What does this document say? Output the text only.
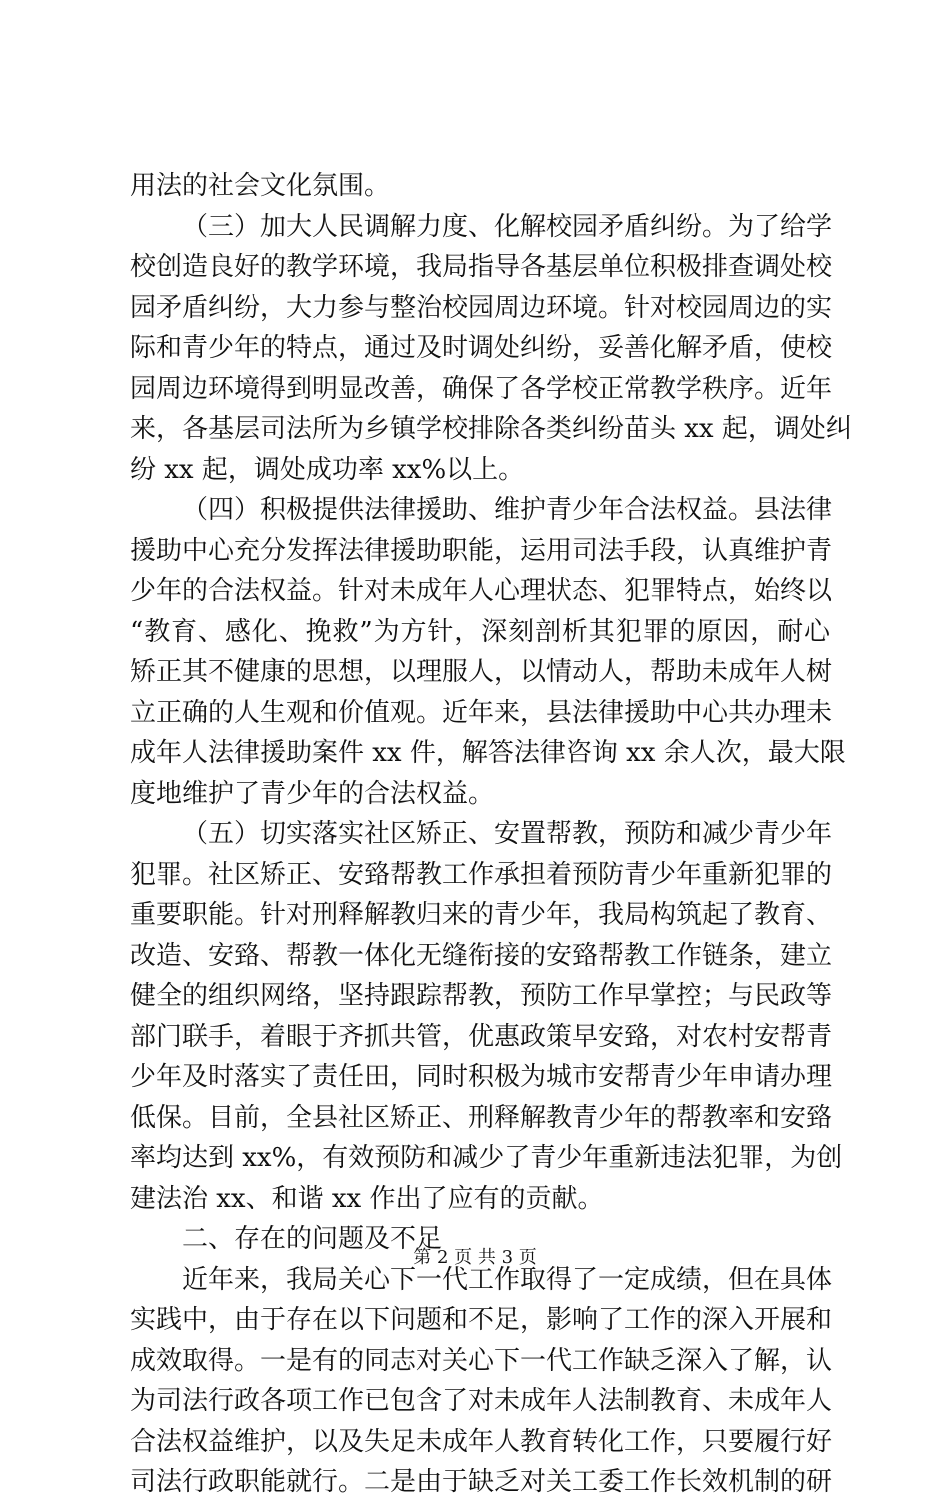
用法的社会文化氛围。
（三）加大人民调解力度、化解校园矛盾纠纷。为了给学
校创造良好的教学环境，我局指导各基层单位积极排查调处校
园矛盾纠纷，大力参与整治校园周边环境。针对校园周边的实
际和青少年的特点，通过及时调处纠纷，妥善化解矛盾，使校
园周边环境得到明显改善，确保了各学校正常教学秩序。近年
来，各基层司法所为乡镇学校排除各类纠纷苗头 xx 起，调处纠
纷 xx 起，调处成功率 xx%以上。
（四）积极提供法律援助、维护青少年合法权益。县法律
援助中心充分发挥法律援助职能，运用司法手段，认真维护青
少年的合法权益。针对未成年人心理状态、犯罪特点，始终以
“教育、感化、挽救”为方针，深刻剖析其犯罪的原因，耐心
矫正其不健康的思想，以理服人，以情动人，帮助未成年人树
立正确的人生观和价值观。近年来，县法律援助中心共办理未
成年人法律援助案件 xx 件，解答法律咨询 xx 余人次，最大限
度地维护了青少年的合法权益。
（五）切实落实社区矫正、安置帮教，预防和减少青少年
犯罪。社区矫正、安臵帮教工作承担着预防青少年重新犯罪的
重要职能。针对刑释解教归来的青少年，我局构筑起了教育、
改造、安臵、帮教一体化无缝衔接的安臵帮教工作链条，建立
健全的组织网络，坚持跟踪帮教，预防工作早掌控；与民政等
部门联手，着眼于齐抓共管，优惠政策早安臵，对农村安帮青
少年及时落实了责任田，同时积极为城市安帮青少年申请办理
低保。目前，全县社区矫正、刑释解教青少年的帮教率和安臵
率均达到 xx%，有效预防和减少了青少年重新违法犯罪，为创
建法治 xx、和谐 xx 作出了应有的贡献。
二、存在的问题及不足
近年来，我局关心下一代工作取得了一定成绩，但在具体
实践中，由于存在以下问题和不足，影响了工作的深入开展和
成效取得。一是有的同志对关心下一代工作缺乏深入了解，认
为司法行政各项工作已包含了对未成年人法制教育、未成年人
合法权益维护，以及失足未成年人教育转化工作，只要履行好
司法行政职能就行。二是由于缺乏对关工委工作长效机制的研
第 2 页 共 3 页
